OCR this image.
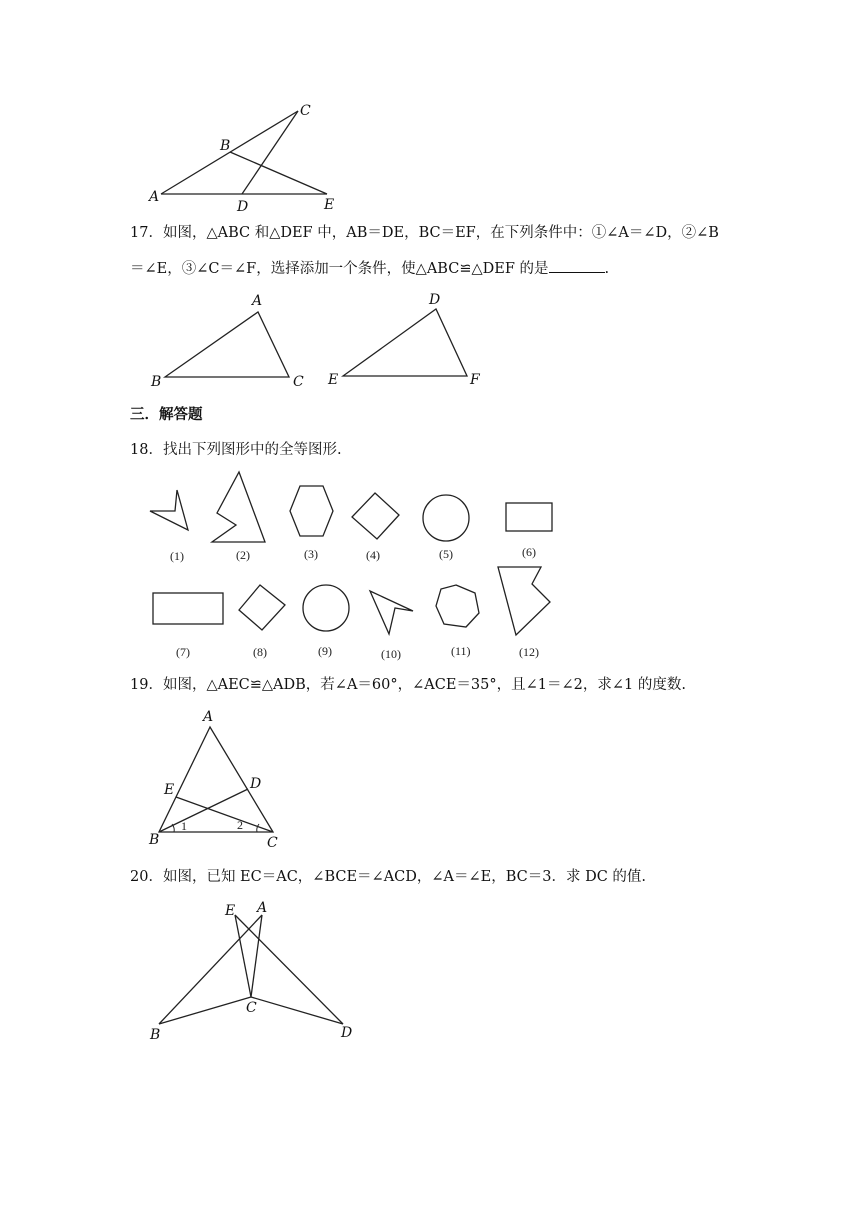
C
B
A
D	E
17．如图，△ABC 和△DEF 中，AB＝DE，BC＝EF，在下列条件中：①∠A＝∠D，②∠B
＝∠E，③∠C＝∠F，选择添加一个条件，使△ABC≌△DEF 的是	.
A
B	C
D
E	F
三．解答题
18．找出下列图形中的全等图形.
(1)	(2)	(3)	(4)	(5)	(6)
(7)	(8)	(9)	(10)	(11)	(12)
19．如图，△AEC≌△ADB，若∠A＝60°，∠ACE＝35°，且∠1＝∠2，求∠1 的度数.
A
E	D
B	C
1	2
20．如图，已知 EC＝AC，∠BCE＝∠ACD，∠A＝∠E，BC＝3．求 DC 的值.
E A
C
B	D
